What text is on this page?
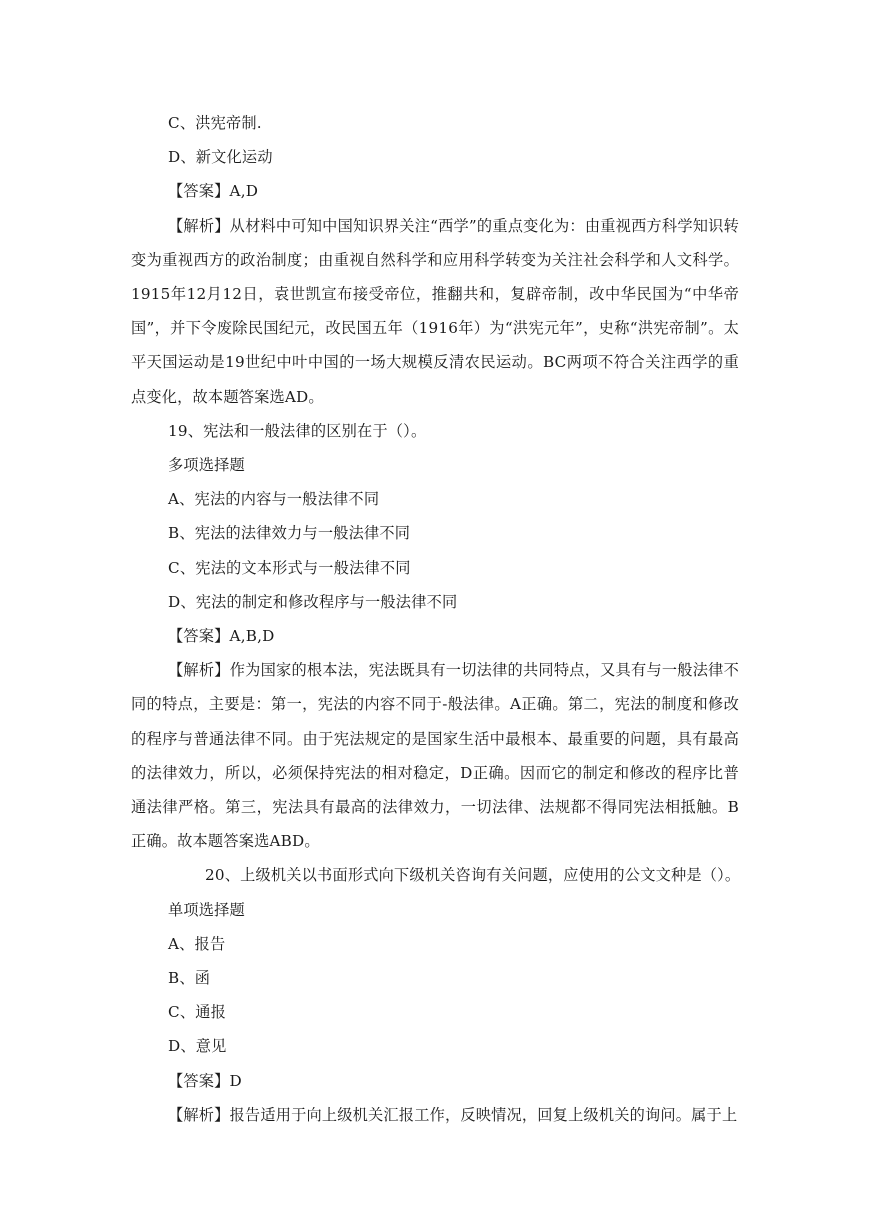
C、洪宪帝制.

D、新文化运动

【答案】A,D

【解析】从材料中可知中国知识界关注“西学”的重点变化为：由重视西方科学知识转变为重视西方的政治制度；由重视自然科学和应用科学转变为关注社会科学和人文科学。1915年12月12日，袁世凯宣布接受帝位，推翻共和，复辟帝制，改中华民国为“中华帝国”，并下令废除民国纪元，改民国五年（1916年）为“洪宪元年”，史称“洪宪帝制”。太平天国运动是19世纪中叶中国的一场大规模反清农民运动。BC两项不符合关注西学的重点变化，故本题答案选AD。

19、宪法和一般法律的区别在于（）。

多项选择题

A、宪法的内容与一般法律不同

B、宪法的法律效力与一般法律不同

C、宪法的文本形式与一般法律不同

D、宪法的制定和修改程序与一般法律不同

【答案】A,B,D

【解析】作为国家的根本法，宪法既具有一切法律的共同特点，又具有与一般法律不同的特点，主要是：第一，宪法的内容不同于-般法律。A正确。第二，宪法的制度和修改的程序与普通法律不同。由于宪法规定的是国家生活中最根本、最重要的问题，具有最高的法律效力，所以，必须保持宪法的相对稳定，D正确。因而它的制定和修改的程序比普通法律严格。第三，宪法具有最高的法律效力，一切法律、法规都不得同宪法相抵触。B正确。故本题答案选ABD。

20、上级机关以书面形式向下级机关咨询有关问题，应使用的公文文种是（）。

单项选择题

A、报告

B、函

C、通报

D、意见

【答案】D

【解析】报告适用于向上级机关汇报工作，反映情况，回复上级机关的询问。属于上
